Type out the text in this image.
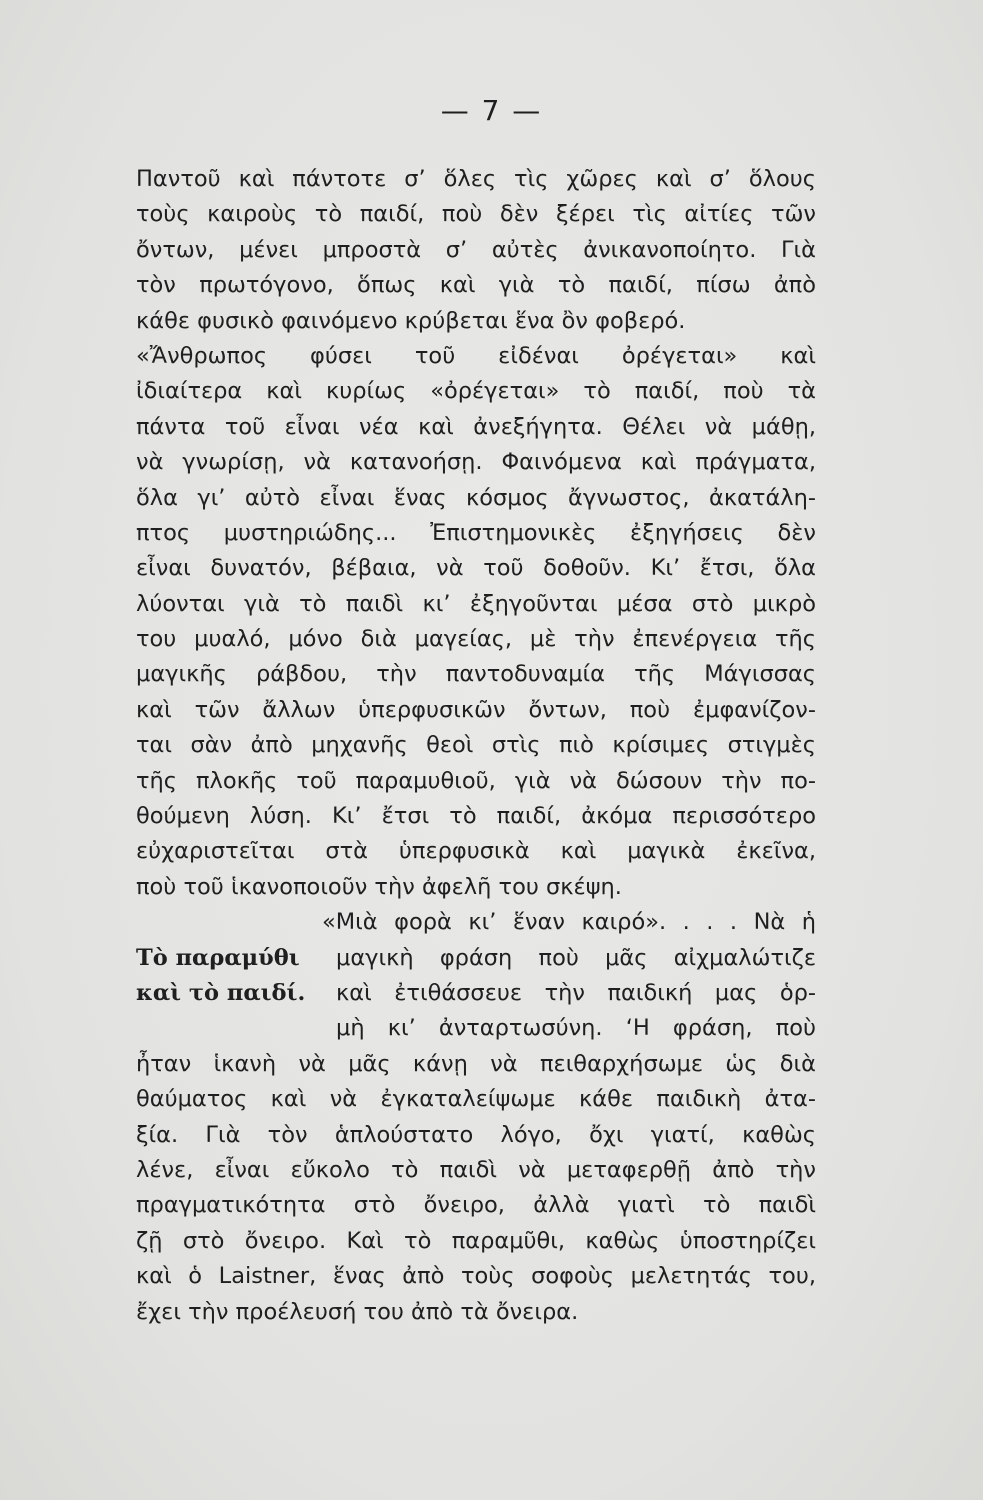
— 7 —
Παντοῦ καὶ πάντοτε σ’ ὅλες τὶς χῶρες καὶ σ’ ὅλους
τοὺς καιροὺς τὸ παιδί, ποὺ δὲν ξέρει τὶς αἰτίες τῶν
ὄντων, μένει μπροστὰ σ’ αὐτὲς ἀνικανοποίητο. Γιὰ
τὸν πρωτόγονο, ὅπως καὶ γιὰ τὸ παιδί, πίσω ἀπὸ
κάθε φυσικὸ φαινόμενο κρύβεται ἕνα ὂν φοβερό.
«Ἄνθρωπος φύσει τοῦ εἰδέναι ὀρέγεται» καὶ
ἰδιαίτερα καὶ κυρίως «ὀρέγεται» τὸ παιδί, ποὺ τὰ
πάντα τοῦ εἶναι νέα καὶ ἀνεξήγητα. Θέλει νὰ μάθῃ,
νὰ γνωρίσῃ, νὰ κατανοήσῃ. Φαινόμενα καὶ πράγματα,
ὅλα γι’ αὐτὸ εἶναι ἕνας κόσμος ἄγνωστος, ἀκατάλη-
πτος μυστηριώδης... Ἐπιστημονικὲς ἐξηγήσεις δὲν
εἶναι δυνατόν, βέβαια, νὰ τοῦ δοθοῦν. Κι’ ἔτσι, ὅλα
λύονται γιὰ τὸ παιδὶ κι’ ἐξηγοῦνται μέσα στὸ μικρὸ
του μυαλό, μόνο διὰ μαγείας, μὲ τὴν ἐπενέργεια τῆς
μαγικῆς ράβδου, τὴν παντοδυναμία τῆς Μάγισσας
καὶ τῶν ἄλλων ὑπερφυσικῶν ὄντων, ποὺ ἐμφανίζον-
ται σὰν ἀπὸ μηχανῆς θεοὶ στὶς πιὸ κρίσιμες στιγμὲς
τῆς πλοκῆς τοῦ παραμυθιοῦ, γιὰ νὰ δώσουν τὴν πο-
θούμενη λύση. Κι’ ἔτσι τὸ παιδί, ἀκόμα περισσότερο
εὐχαριστεῖται στὰ ὑπερφυσικὰ καὶ μαγικὰ ἐκεῖνα,
ποὺ τοῦ ἱκανοποιοῦν τὴν ἀφελῆ του σκέψη.
«Μιὰ φορὰ κι’ ἕναν καιρό». . . . Νὰ ἡ
Τὸ παραμύθι	μαγικὴ φράση ποὺ μᾶς αἰχμαλώτιζε
καὶ τὸ παιδί.	καὶ ἐτιθάσσευε τὴν παιδική μας ὁρ-
μὴ κι’ ἀνταρτωσύνη. ‘Η φράση, ποὺ
ἦταν ἱκανὴ νὰ μᾶς κάνῃ νὰ πειθαρχήσωμε ὡς διὰ
θαύματος καὶ νὰ ἐγκαταλείψωμε κάθε παιδικὴ ἀτα-
ξία. Γιὰ τὸν ἁπλούστατο λόγο, ὄχι γιατί, καθὼς
λένε, εἶναι εὔκολο τὸ παιδὶ νὰ μεταφερθῇ ἀπὸ τὴν
πραγματικότητα στὸ ὄνειρο, ἀλλὰ γιατὶ τὸ παιδὶ
ζῇ στὸ ὄνειρο. Καὶ τὸ παραμῦθι, καθὼς ὑποστηρίζει
καὶ ὁ Laistner, ἕνας ἀπὸ τοὺς σοφοὺς μελετητάς του,
ἔχει τὴν προέλευσή του ἀπὸ τὰ ὄνειρα.
